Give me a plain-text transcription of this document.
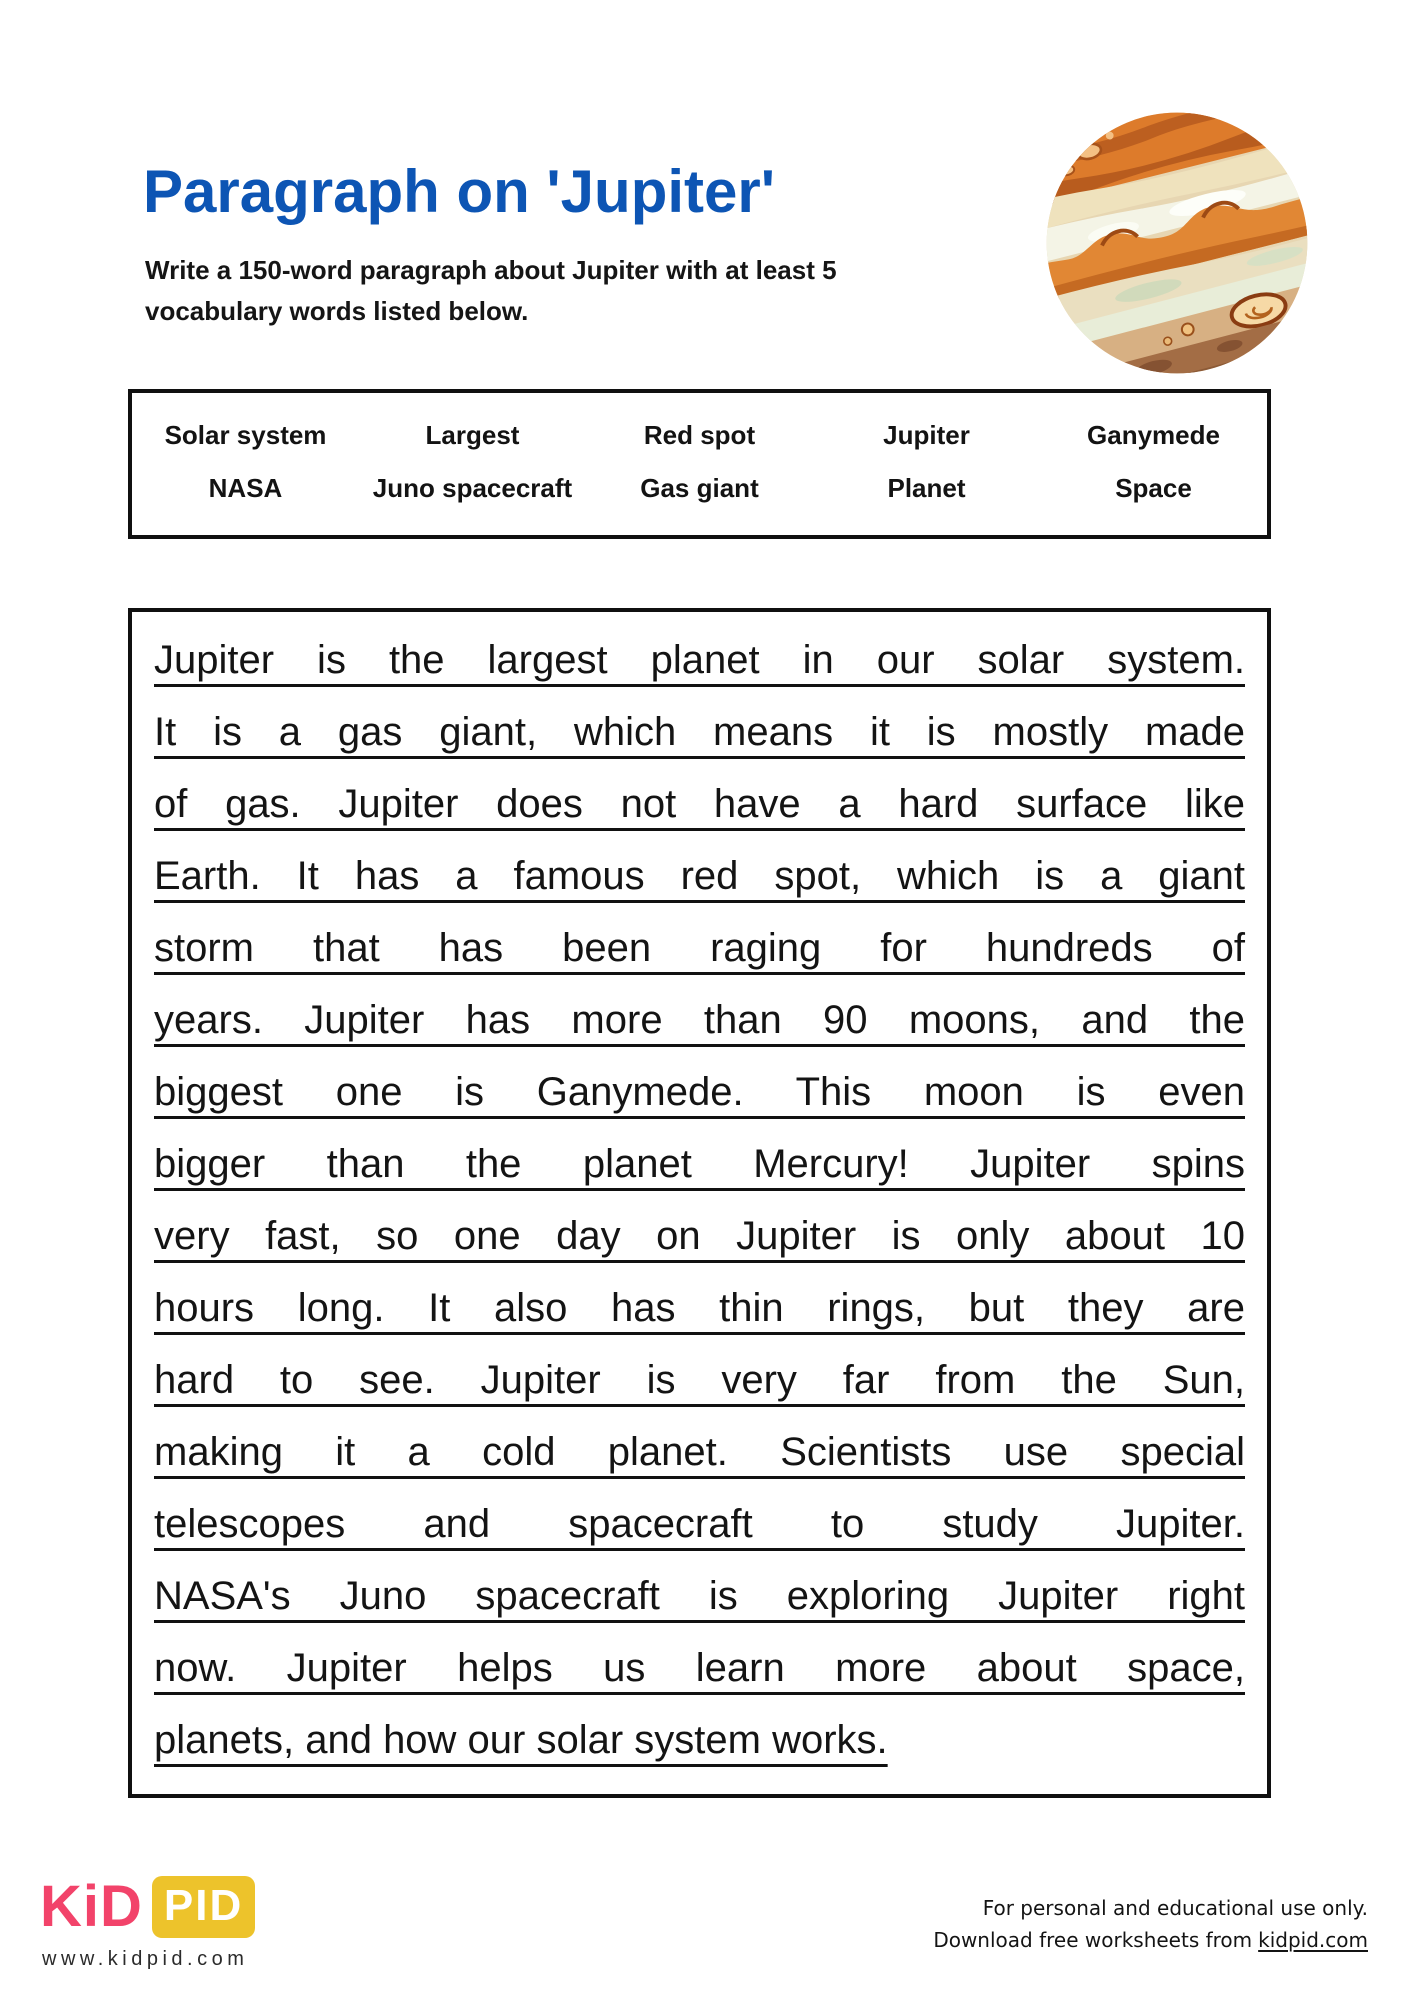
Paragraph on 'Jupiter'
Write a 150-word paragraph about Jupiter with at least 5
vocabulary words listed below.
Solar system	Largest	Red spot	Jupiter	Ganymede
NASA	Juno spacecraft	Gas giant	Planet	Space
Jupiter is the largest planet in our solar system.
It is a gas giant, which means it is mostly made
of gas. Jupiter does not have a hard surface like
Earth. It has a famous red spot, which is a giant
storm that has been raging for hundreds of
years. Jupiter has more than 90 moons, and the
biggest one is Ganymede. This moon is even
bigger than the planet Mercury! Jupiter spins
very fast, so one day on Jupiter is only about 10
hours long. It also has thin rings, but they are
hard to see. Jupiter is very far from the Sun,
making it a cold planet. Scientists use special
telescopes and spacecraft to study Jupiter.
NASA's Juno spacecraft is exploring Jupiter right
now. Jupiter helps us learn more about space,
planets, and how our solar system works.
KiD PID
www.kidpid.com
For personal and educational use only.
Download free worksheets from kidpid.com
